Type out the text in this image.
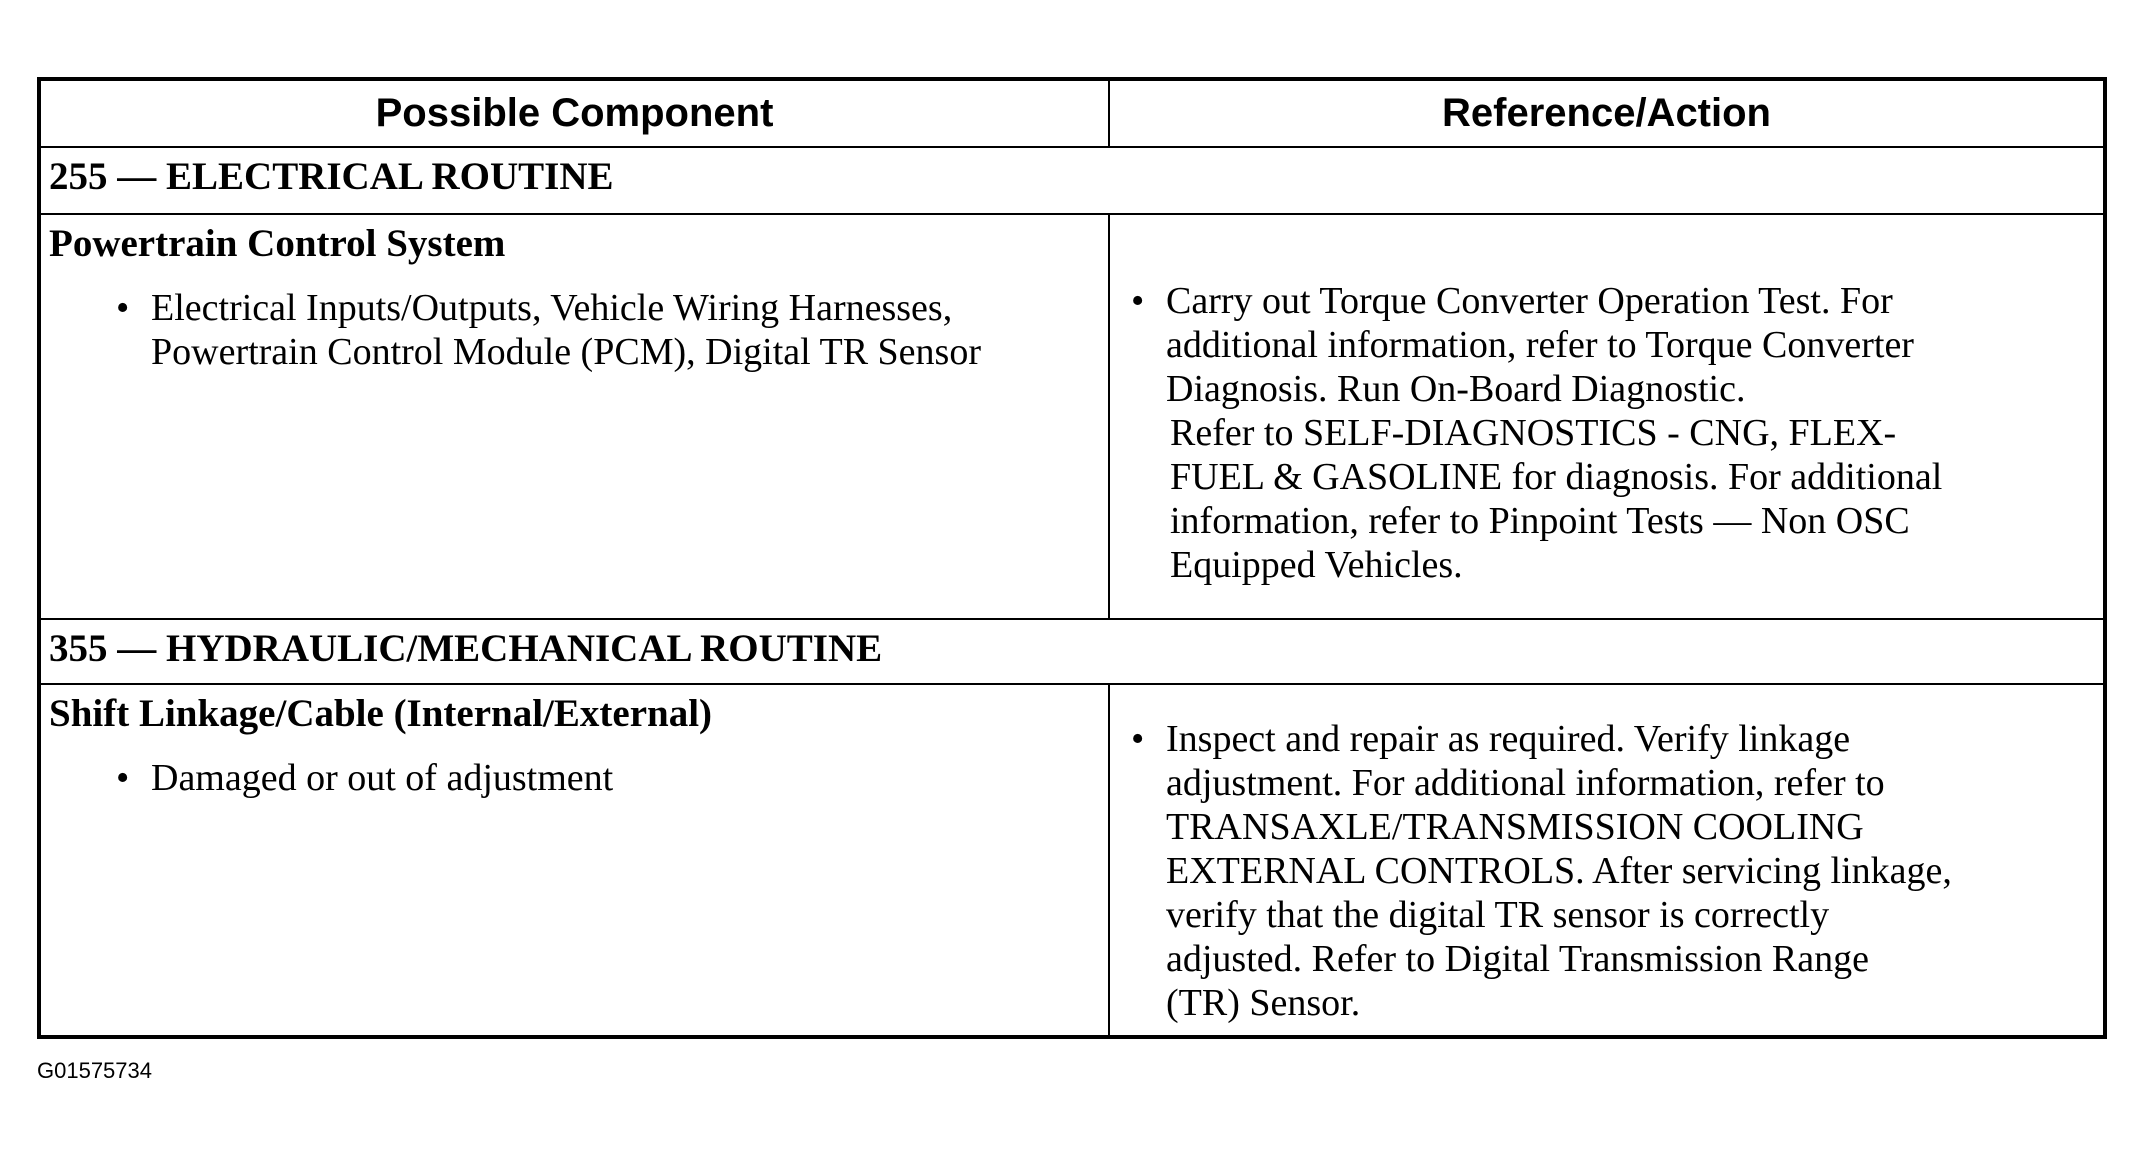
Possible Component	Reference/Action
255 — ELECTRICAL ROUTINE
Powertrain Control System
• Electrical Inputs/Outputs, Vehicle Wiring Harnesses,
Powertrain Control Module (PCM), Digital TR Sensor
• Carry out Torque Converter Operation Test. For
additional information, refer to Torque Converter
Diagnosis. Run On-Board Diagnostic.
Refer to SELF-DIAGNOSTICS - CNG, FLEX-
FUEL & GASOLINE for diagnosis. For additional
information, refer to Pinpoint Tests — Non OSC
Equipped Vehicles.
355 — HYDRAULIC/MECHANICAL ROUTINE
Shift Linkage/Cable (Internal/External)
• Damaged or out of adjustment
• Inspect and repair as required. Verify linkage
adjustment. For additional information, refer to
TRANSAXLE/TRANSMISSION COOLING
EXTERNAL CONTROLS. After servicing linkage,
verify that the digital TR sensor is correctly
adjusted. Refer to Digital Transmission Range
(TR) Sensor.
G01575734
